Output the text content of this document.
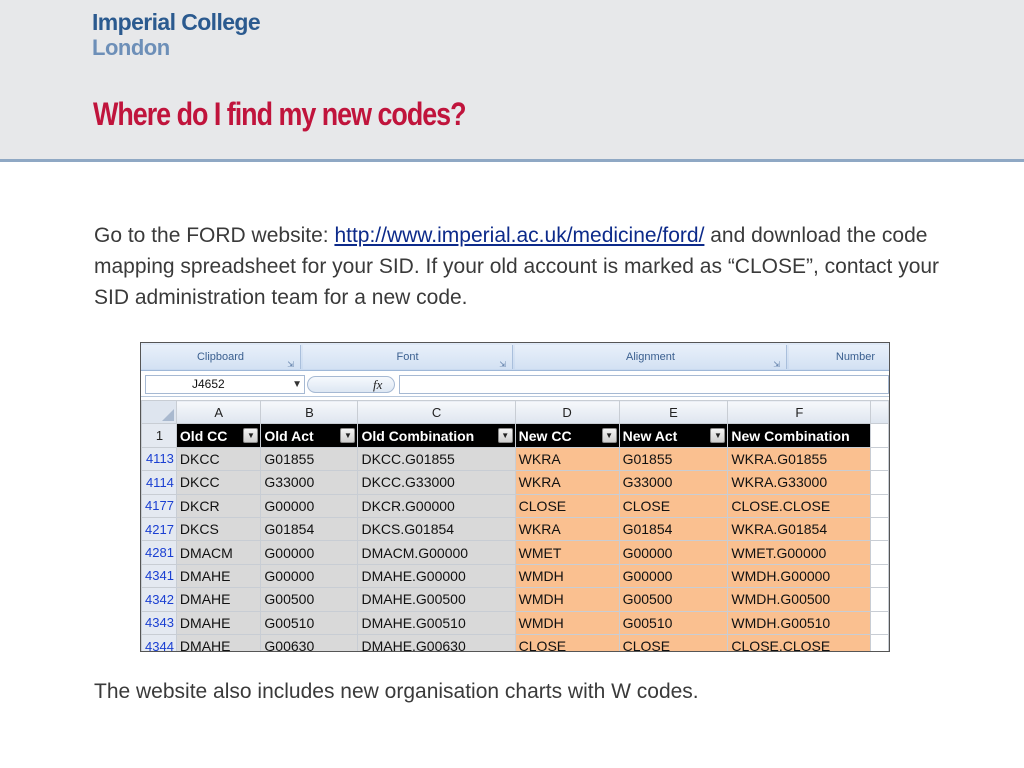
Imperial College
London
Where do I find my new codes?
Go to the FORD website: http://www.imperial.ac.uk/medicine/ford/ and download the code mapping spreadsheet for your SID. If your old account is marked as “CLOSE”, contact your SID administration team for a new code.
Clipboard
⇲
Font
⇲
Alignment
⇲
Number
J4652	▼	fx
	A	B	C	D	E	F	
1	Old CC ▼	Old Act ▼	Old Combination ▼	New CC ▼	New Act ▼	New Combination	
4113	DKCC	G01855	DKCC.G01855	WKRA	G01855	WKRA.G01855	
4114	DKCC	G33000	DKCC.G33000	WKRA	G33000	WKRA.G33000	
4177	DKCR	G00000	DKCR.G00000	CLOSE	CLOSE	CLOSE.CLOSE	
4217	DKCS	G01854	DKCS.G01854	WKRA	G01854	WKRA.G01854	
4281	DMACM	G00000	DMACM.G00000	WMET	G00000	WMET.G00000	
4341	DMAHE	G00000	DMAHE.G00000	WMDH	G00000	WMDH.G00000	
4342	DMAHE	G00500	DMAHE.G00500	WMDH	G00500	WMDH.G00500	
4343	DMAHE	G00510	DMAHE.G00510	WMDH	G00510	WMDH.G00510	
4344	DMAHE	G00630	DMAHE.G00630	CLOSE	CLOSE	CLOSE.CLOSE	
The website also includes new organisation charts with W codes.
